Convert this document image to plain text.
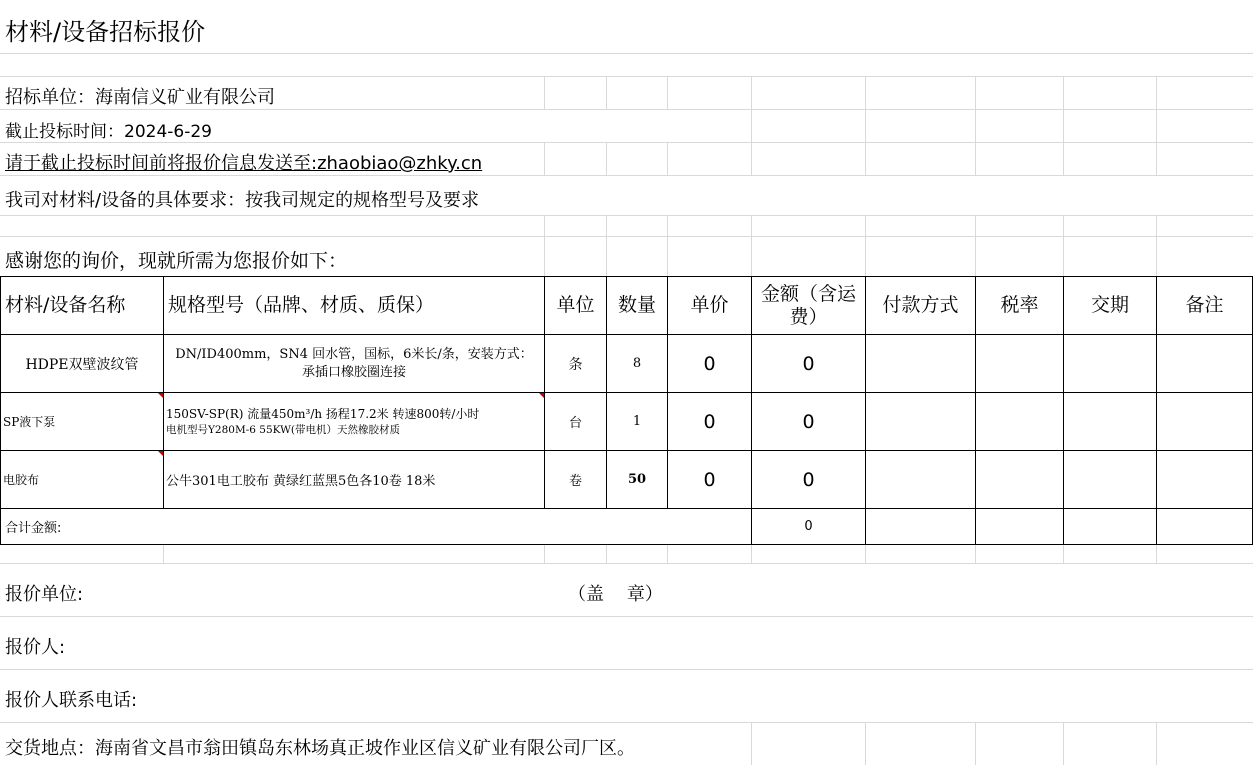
材料/设备招标报价
招标单位：海南信义矿业有限公司
截止投标时间：2024-6-29
请于截止投标时间前将报价信息发送至:zhaobiao@zhky.cn
我司对材料/设备的具体要求：按我司规定的规格型号及要求
感谢您的询价，现就所需为您报价如下：
材料/设备名称	规格型号（品牌、材质、质保）	单位	数量	单价	金额（含运费）	付款方式	税率	交期	备注
HDPE双壁波纹管	DN/ID400mm，SN4 回水管，国标，6米长/条，安装方式：承插口橡胶圈连接	条	8	0	0				
SP液下泵	150SV-SP(R) 流量450m³/h 扬程17.2米 转速800转/小时
电机型号Y280M-6 55KW(带电机）天然橡胶材质	台	1	0	0				
电胶布	公牛301电工胶布 黄绿红蓝黑5色各10卷 18米	卷	50	0	0				
合计金额:					0				
报价单位:	（盖    章）
报价人:
报价人联系电话:
交货地点：海南省文昌市翁田镇岛东林场真正坡作业区信义矿业有限公司厂区。
